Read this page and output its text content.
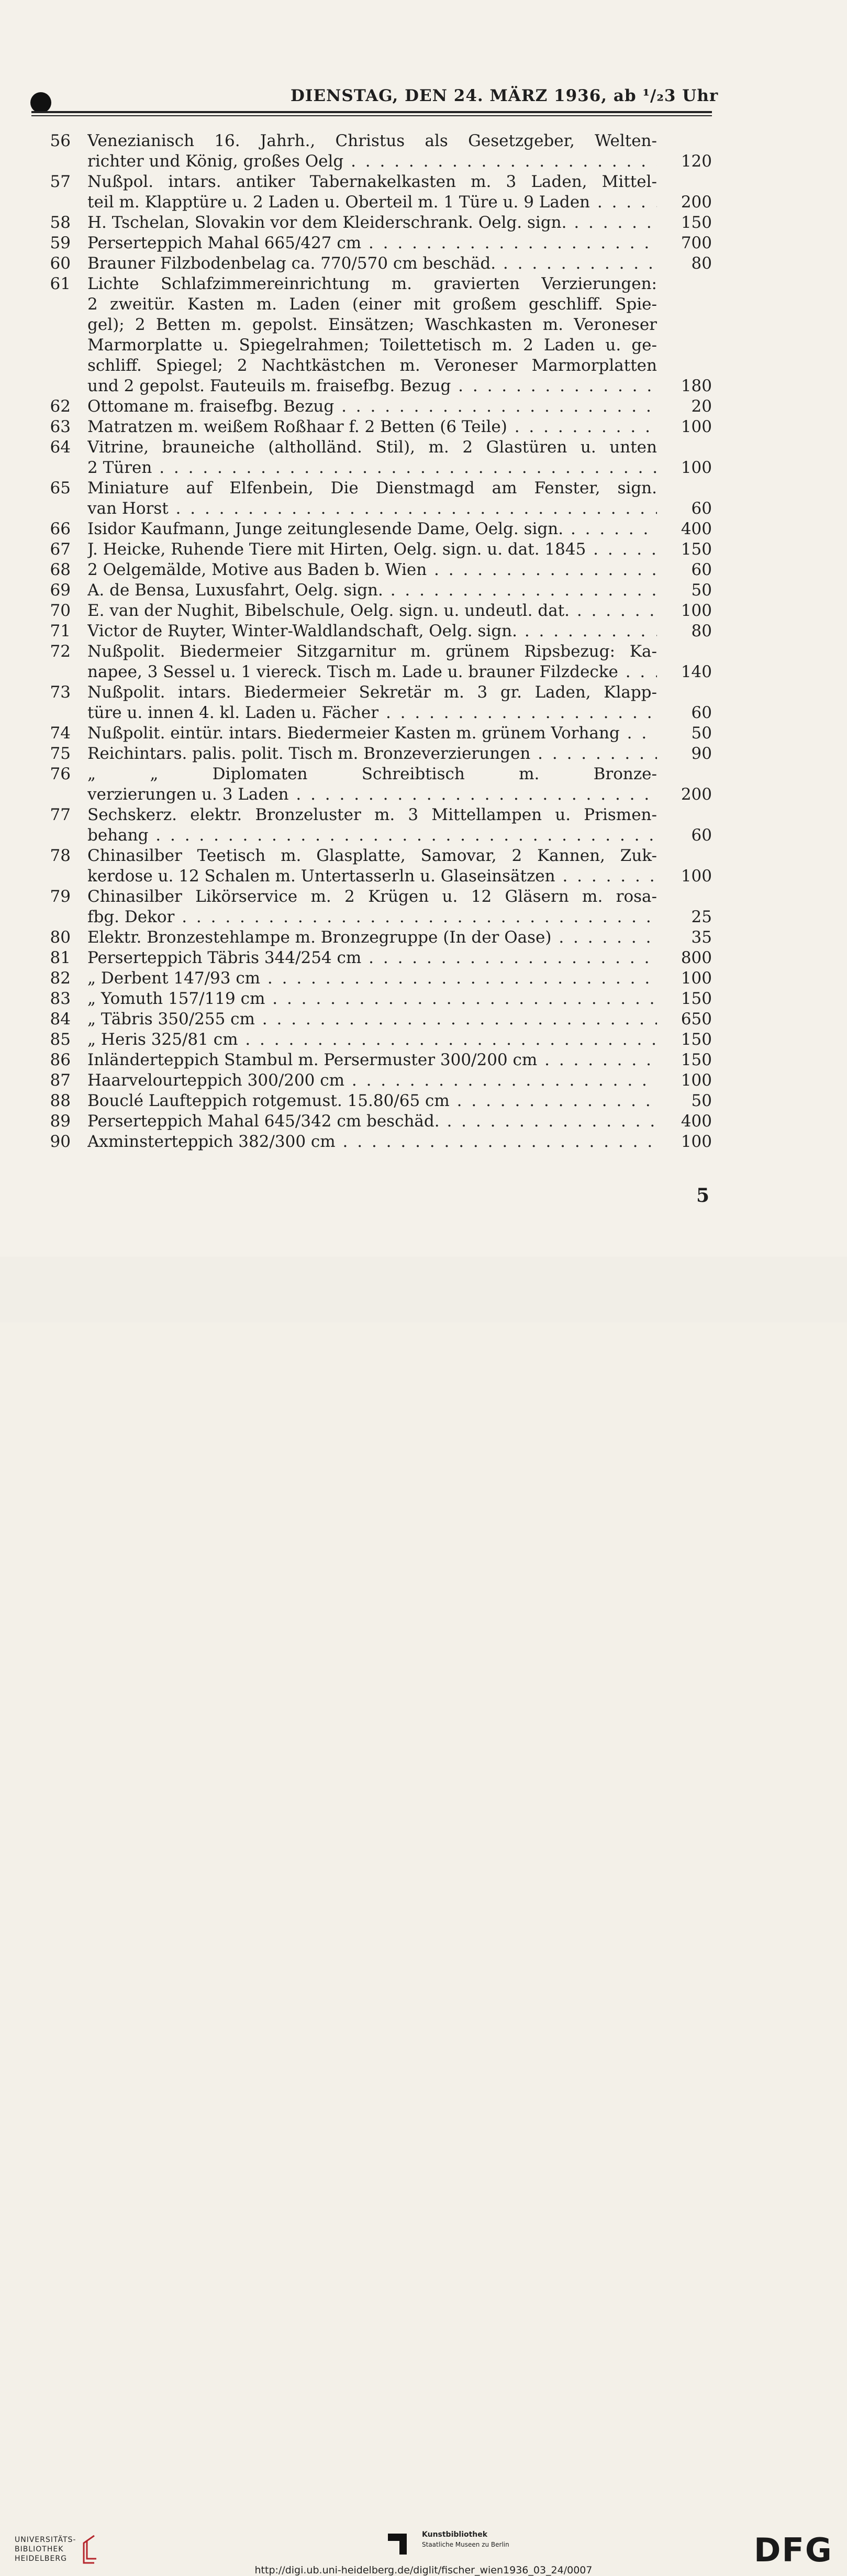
DIENSTAG, DEN 24. MÄRZ 1936, ab ¹/₂3 Uhr
56 Venezianisch 16. Jahrh., Christus als Gesetzgeber, Welten-
richter und König, großes Oelg . . .	120
57 Nußpol. intars. antiker Tabernakelkasten m. 3 Laden, Mittel-
teil m. Klapptüre u. 2 Laden u. Oberteil m. 1 Türe u. 9 Laden . . .	200
58 H. Tschelan, Slovakin vor dem Kleiderschrank. Oelg. sign. . . .	150
59 Perserteppich Mahal 665/427 cm . . .	700
60 Brauner Filzbodenbelag ca. 770/570 cm beschäd. . . .	80
61 Lichte Schlafzimmereinrichtung m. gravierten Verzierungen:
2 zweitür. Kasten m. Laden (einer mit großem geschliff. Spie-
gel); 2 Betten m. gepolst. Einsätzen; Waschkasten m. Veroneser
Marmorplatte u. Spiegelrahmen; Toilettetisch m. 2 Laden u. ge-
schliff. Spiegel; 2 Nachtkästchen m. Veroneser Marmorplatten
und 2 gepolst. Fauteuils m. fraisefbg. Bezug . . .	180
62 Ottomane m. fraisefbg. Bezug . . .	20
63 Matratzen m. weißem Roßhaar f. 2 Betten (6 Teile) . . .	100
64 Vitrine, brauneiche (altholländ. Stil), m. 2 Glastüren u. unten
2 Türen . . .	100
65 Miniature auf Elfenbein, Die Dienstmagd am Fenster, sign.
van Horst . . .	60
66 Isidor Kaufmann, Junge zeitunglesende Dame, Oelg. sign. . . .	400
67 J. Heicke, Ruhende Tiere mit Hirten, Oelg. sign. u. dat. 1845 . . .	150
68 2 Oelgemälde, Motive aus Baden b. Wien . . .	60
69 A. de Bensa, Luxusfahrt, Oelg. sign. . . .	50
70 E. van der Nughit, Bibelschule, Oelg. sign. u. undeutl. dat. . . .	100
71 Victor de Ruyter, Winter-Waldlandschaft, Oelg. sign. . . .	80
72 Nußpolit. Biedermeier Sitzgarnitur m. grünem Ripsbezug: Ka-
napee, 3 Sessel u. 1 viereck. Tisch m. Lade u. brauner Filzdecke . . .	140
73 Nußpolit. intars. Biedermeier Sekretär m. 3 gr. Laden, Klapp-
türe u. innen 4. kl. Laden u. Fächer . . .	60
74 Nußpolit. eintür. intars. Biedermeier Kasten m. grünem Vorhang . . .	50
75 Reichintars. palis. polit. Tisch m. Bronzeverzierungen . . .	90
76 „ „ Diplomaten Schreibtisch m. Bronze-
verzierungen u. 3 Laden . . .	200
77 Sechskerz. elektr. Bronzeluster m. 3 Mittellampen u. Prismen-
behang . . .	60
78 Chinasilber Teetisch m. Glasplatte, Samovar, 2 Kannen, Zuk-
kerdose u. 12 Schalen m. Untertasserln u. Glaseinsätzen . . .	100
79 Chinasilber Likörservice m. 2 Krügen u. 12 Gläsern m. rosa-
fbg. Dekor . . .	25
80 Elektr. Bronzestehlampe m. Bronzegruppe (In der Oase) . . .	35
81 Perserteppich Täbris 344/254 cm . . .	800
82 „ Derbent 147/93 cm . . .	100
83 „ Yomuth 157/119 cm . . .	150
84 „ Täbris 350/255 cm . . .	650
85 „ Heris 325/81 cm . . .	150
86 Inländerteppich Stambul m. Persermuster 300/200 cm . . .	150
87 Haarvelourteppich 300/200 cm . . .	100
88 Bouclé Laufteppich rotgemust. 15.80/65 cm . . .	50
89 Perserteppich Mahal 645/342 cm beschäd. . . .	400
90 Axminsterteppich 382/300 cm . . .	100
5
UNIVERSITÄTS-
BIBLIOTHEK
HEIDELBERG
Kunstbibliothek
Staatliche Museen zu Berlin	DFG
http://digi.ub.uni-heidelberg.de/diglit/fischer_wien1936_03_24/0007
